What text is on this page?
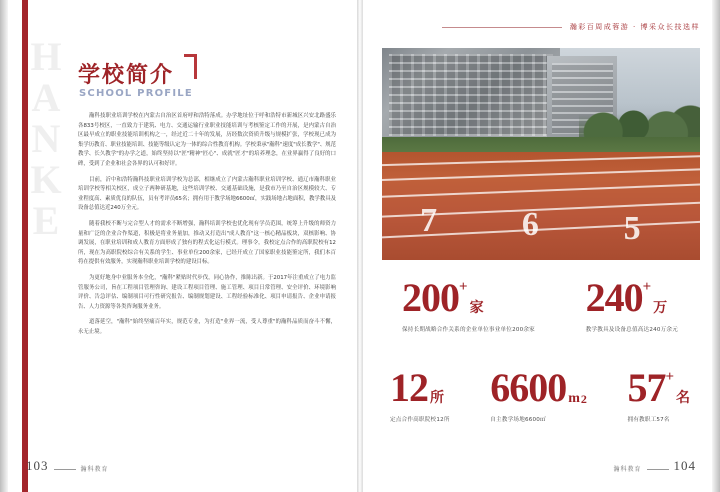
H
A
N
K
E
学校简介
SCHOOL PROFILE

瀚科技职业培训学校在内蒙古自治区首府呼和浩特落成。办学地址位于呼和浩特市新城区兴安北路盛乐各833号校区，一直致力于建筑、电力、交通运输行业职业技能培训与考核鉴定工作的开展，是内蒙古自治区最早成立的职业技能培训机构之一，经过近二十年的发展，历经数次资质升级与规模扩张，学校现已成为集学历教育、职业技能培训、技能等级认定为一体的综合性教育机构。学校秉承"瀚科"速度"成长教学"、规范教学、长久教学"的办学之道，始终坚持以"匠"精神"匠心"、成就"匠才"的培养理念，在业界赢得了良好的口碑，受到了企业和社会各界的认可和好评。

目前，沂中和浩特瀚科技职业培训学校为总部，相继成立了内蒙古瀚科职业培训学校、通辽市瀚科职业培训学校等相关校区，成立子两种研基地，这些培训学校、交通基础设施，是我市乃至自治区规模较大、专业程度高、素质优良的队伍，员有考评员65名；拥有用于教学场地6600㎡，实践场地占地面积，教学教具及设备总值达近240万全元。

随着我校不断与完合型人才的需求不断增强，瀚科培训学校也优化现有学员范围，统筹上升级的师资力量和广泛的企业合作渠道，积极是将业务量加，推动又打造出"成人教育"这一核心精品板块，双核影响、协调发展，在职业培训和成人教育方面形成了独有的程式化运行模式。理事令，我校定点合作的高职院校有12所，现在为高职院校综合有关系的学生、事业单位200余家，已经开成立了国家职业技能鉴定所，我们本百将在提供有效服务，实现瀚科职业培训学校的建设目标。

为更好地身中业服务本全化，"瀚科"紧贴时代步伐，同心协作，推陈出新。于2017年注重成立了电力监管服务公司，旨在工程项目管理咨询、建设工程项目管理、施工管理、项目日常管理、安全评价、环境影响评价、告急评估、编制项目可行性研究报告、编制规划建设、工程经验标准化、项目申请报告、企业申请报告、人力资源等各类咨询服务业务。

道落延空，"瀚科"始终坚痛百年实，规范专业，为打造"业界一流，受人尊重"的瀚科品质而奋斗不懈，永无止境。

103	瀚科教育
瀚彩百周成蓉游 · 博采众长技选样
7 6 5
200 +
家
保持长期战略合作关系的企业单位事业单位200余家
240 +
万
教学教具及设备总值高达240万余元
12 所
定点合作高职院校12所
6600 m 2
自主教学场地6600㎡
57 +
名
拥有教职工57名
瀚科教育 104
